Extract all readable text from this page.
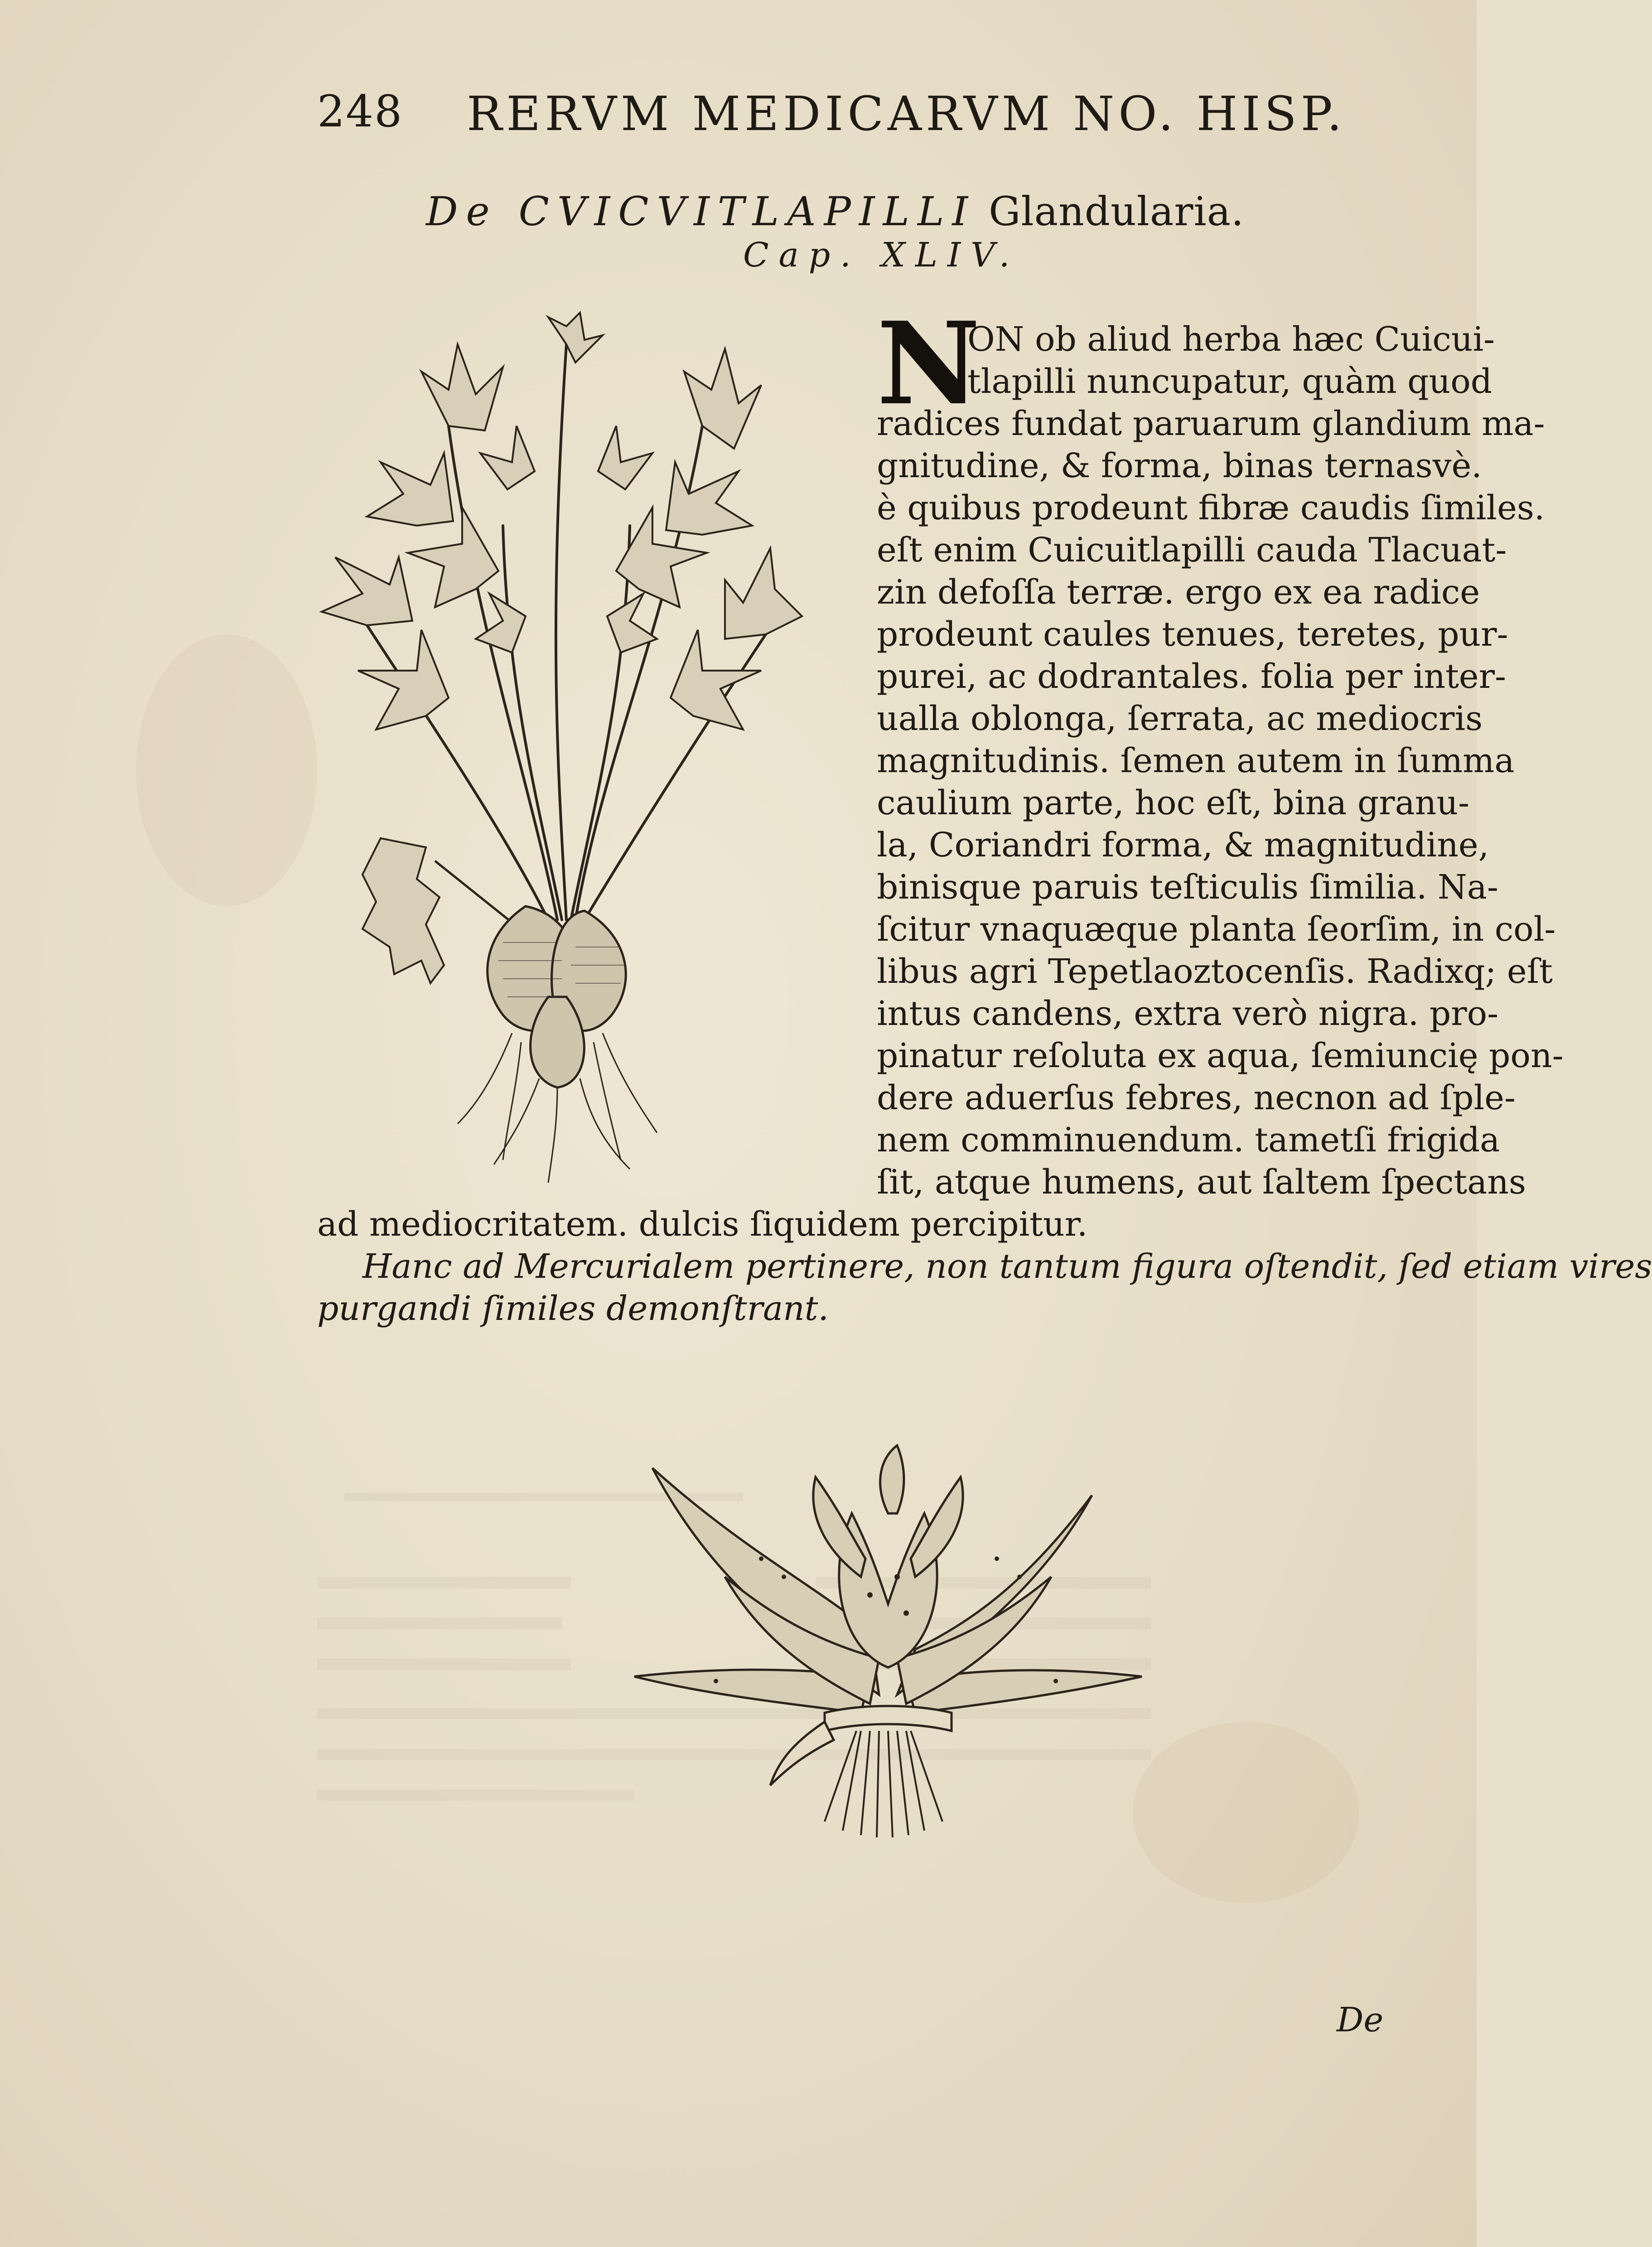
248 RERVM MEDICARVM NO. HISP.
De CVICVITLAPILLI Glandularia.
Cap. XLIV.
N
ON ob aliud herba hæc Cuicui-
tlapilli nuncupatur, quàm quod
radices fundat paruarum glandium ma-
gnitudine, & forma, binas ternasvè.
è quibus prodeunt fibræ caudis ſimiles.
eſt enim Cuicuitlapilli cauda Tlacuat-
zin defoſſa terræ. ergo ex ea radice
prodeunt caules tenues, teretes, pur-
purei, ac dodrantales. folia per inter-
ualla oblonga, ſerrata, ac mediocris
magnitudinis. ſemen autem in ſumma
caulium parte, hoc eſt, bina granu-
la, Coriandri forma, & magnitudine,
binisque paruis teſticulis ſimilia. Na-
ſcitur vnaquæque planta ſeorſim, in col-
libus agri Tepetlaoztocenſis. Radixq; eſt
intus candens, extra verò nigra. pro-
pinatur reſoluta ex aqua, ſemiuncię pon-
dere aduerſus febres, necnon ad ſple-
nem comminuendum. tametſi frigida
ſit, atque humens, aut ſaltem ſpectans
ad mediocritatem. dulcis ſiquidem percipitur.
Hanc ad Mercurialem pertinere, non tantum figura oſtendit, ſed etiam vires
purgandi ſimiles demonſtrant.
De
